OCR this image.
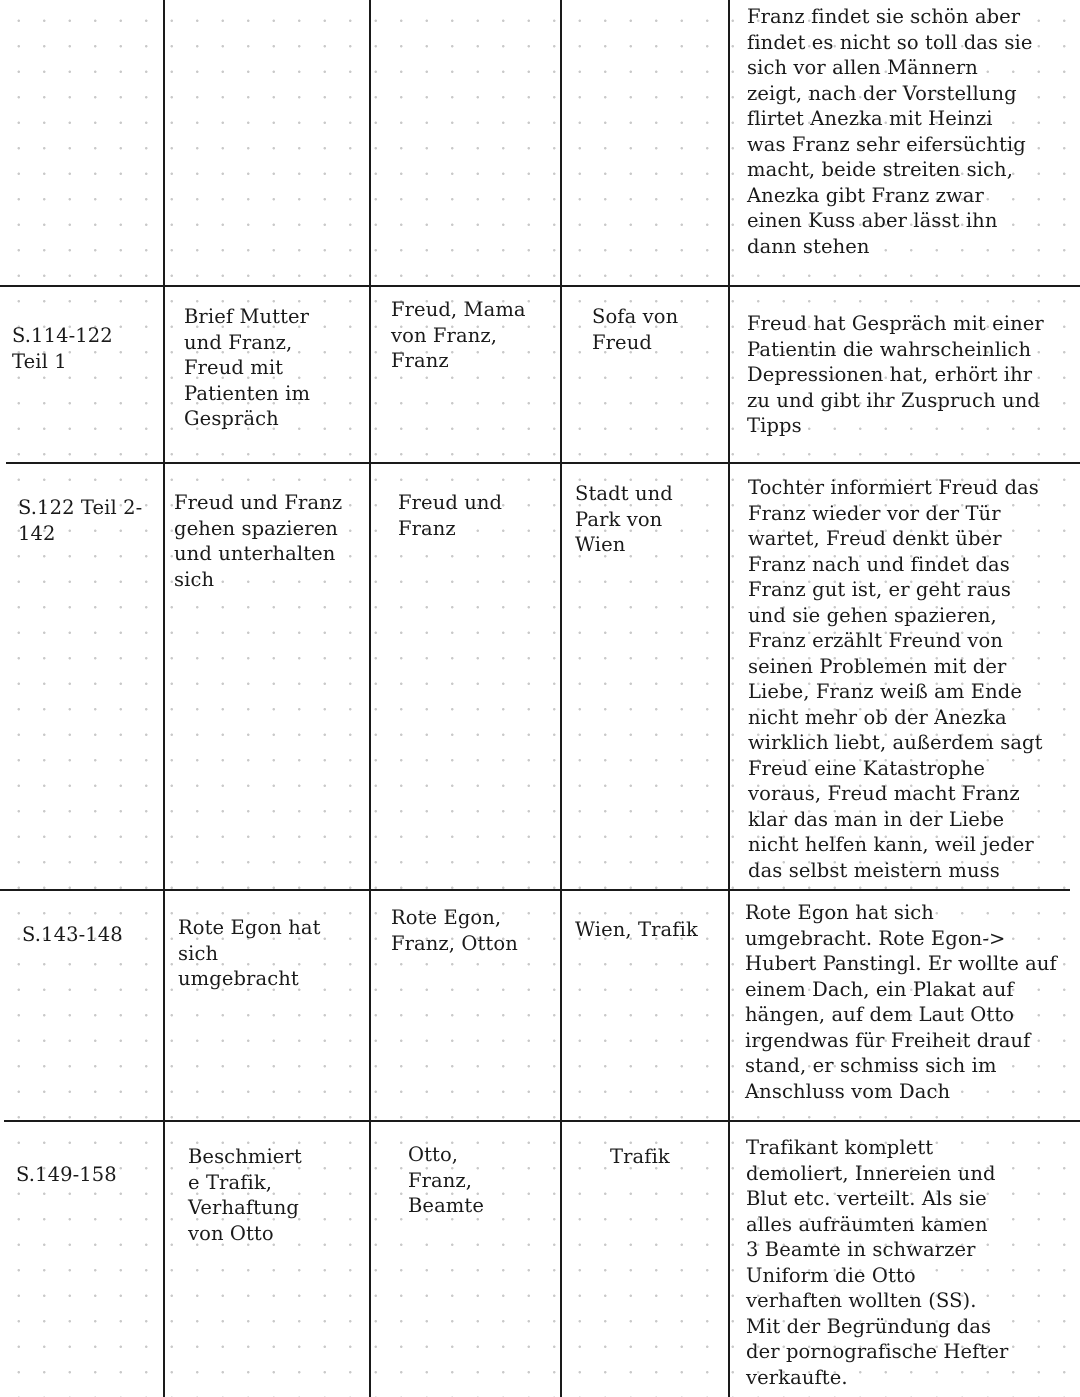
Franz findet sie schön aber
findet es nicht so toll das sie
sich vor allen Männern
zeigt, nach der Vorstellung
flirtet Anezka mit Heinzi
was Franz sehr eifersüchtig
macht, beide streiten sich,
Anezka gibt Franz zwar
einen Kuss aber lässt ihn
dann stehen
S.114-122
Teil 1
Brief Mutter
und Franz,
Freud mit
Patienten im
Gespräch
Freud, Mama
von Franz,
Franz
Sofa von
Freud
Freud hat Gespräch mit einer
Patientin die wahrscheinlich
Depressionen hat, erhört ihr
zu und gibt ihr Zuspruch und
Tipps
S.122 Teil 2-
142
Freud und Franz
gehen spazieren
und unterhalten
sich
Freud und
Franz
Stadt und
Park von
Wien
Tochter informiert Freud das
Franz wieder vor der Tür
wartet, Freud denkt über
Franz nach und findet das
Franz gut ist, er geht raus
und sie gehen spazieren,
Franz erzählt Freund von
seinen Problemen mit der
Liebe, Franz weiß am Ende
nicht mehr ob der Anezka
wirklich liebt, außerdem sagt
Freud eine Katastrophe
voraus, Freud macht Franz
klar das man in der Liebe
nicht helfen kann, weil jeder
das selbst meistern muss
S.143-148	Rote Egon hat
sich
umgebracht
Rote Egon,
Franz, Otton
Wien, Trafik
Rote Egon hat sich
umgebracht. Rote Egon->
Hubert Panstingl. Er wollte auf
einem Dach, ein Plakat auf
hängen, auf dem Laut Otto
irgendwas für Freiheit drauf
stand, er schmiss sich im
Anschluss vom Dach
S.149-158
Beschmiert
e Trafik,
Verhaftung
von Otto
Otto,
Franz,
Beamte
Trafik	Trafikant komplett
demoliert, Innereien und
Blut etc. verteilt. Als sie
alles aufräumten kamen
3 Beamte in schwarzer
Uniform die Otto
verhaften wollten (SS).
Mit der Begründung das
der pornografische Hefter
verkaufte.
